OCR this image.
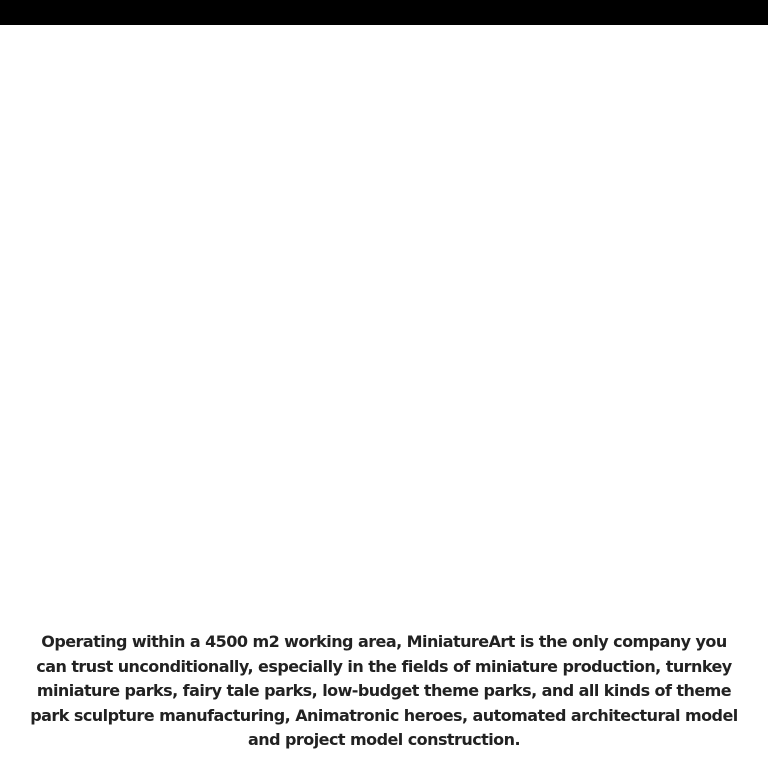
Operating within a 4500 m2 working area, MiniatureArt is the only company you can trust unconditionally, especially in the fields of miniature production, turnkey miniature parks, fairy tale parks, low-budget theme parks, and all kinds of theme park sculpture manufacturing, Animatronic heroes, automated architectural model and project model construction.
